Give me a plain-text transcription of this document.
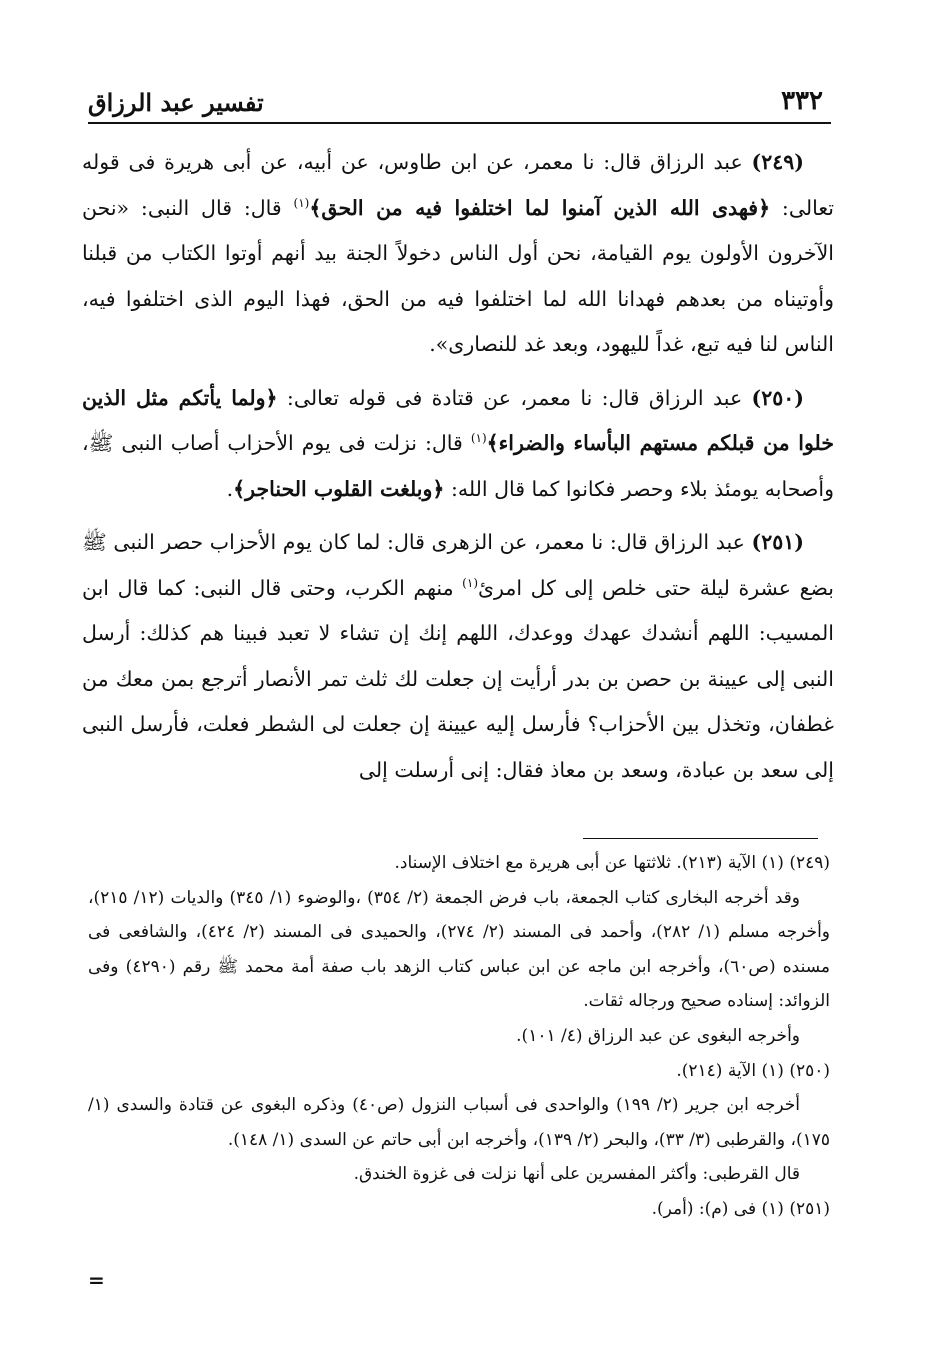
تفسير عبد الرزاق	٣٣٢

(٢٤٩) عبد الرزاق قال: نا معمر، عن ابن طاوس، عن أبيه، عن أبى هريرة فى قوله تعالى: ﴿فهدى الله الذين آمنوا لما اختلفوا فيه من الحق﴾$^{(١)}$ قال: قال النبى: «نحن الآخرون الأولون يوم القيامة، نحن أول الناس دخولاً الجنة بيد أنهم أوتوا الكتاب من قبلنا وأوتيناه من بعدهم فهدانا الله لما اختلفوا فيه من الحق، فهذا اليوم الذى اختلفوا فيه، الناس لنا فيه تبع، غداً لليهود، وبعد غد للنصارى».

(٢٥٠) عبد الرزاق قال: نا معمر، عن قتادة فى قوله تعالى: ﴿ولما يأتكم مثل الذين خلوا من قبلكم مستهم البأساء والضراء﴾$^{(١)}$ قال: نزلت فى يوم الأحزاب أصاب النبى ﷺ، وأصحابه يومئذ بلاء وحصر فكانوا كما قال الله: ﴿وبلغت القلوب الحناجر﴾.

(٢٥١) عبد الرزاق قال: نا معمر، عن الزهرى قال: لما كان يوم الأحزاب حصر النبى ﷺ بضع عشرة ليلة حتى خلص إلى كل امرئ$^{(١)}$ منهم الكرب، وحتى قال النبى: كما قال ابن المسيب: اللهم أنشدك عهدك ووعدك، اللهم إنك إن تشاء لا تعبد فبينا هم كذلك: أرسل النبى إلى عيينة بن حصن بن بدر أرأيت إن جعلت لك ثلث تمر الأنصار أترجع بمن معك من غطفان، وتخذل بين الأحزاب؟ فأرسل إليه عيينة إن جعلت لى الشطر فعلت، فأرسل النبى إلى سعد بن عبادة، وسعد بن معاذ فقال: إنى أرسلت إلى

(٢٤٩) (١) الآية (٢١٣). ثلاثتها عن أبى هريرة مع اختلاف الإسناد.

وقد أخرجه البخارى كتاب الجمعة، باب فرض الجمعة (٢/ ٣٥٤) ،والوضوء (١/ ٣٤٥) والديات (١٢/ ٢١٥)، وأخرجه مسلم (١/ ٢٨٢)، وأحمد فى المسند (٢/ ٢٧٤)، والحميدى فى المسند (٢/ ٤٢٤)، والشافعى فى مسنده (ص٦٠)، وأخرجه ابن ماجه عن ابن عباس كتاب الزهد باب صفة أمة محمد ﷺ رقم (٤٢٩٠) وفى الزوائد: إسناده صحيح ورجاله ثقات.

وأخرجه البغوى عن عبد الرزاق (٤/ ١٠١).

(٢٥٠) (١) الآية (٢١٤).

أخرجه ابن جرير (٢/ ١٩٩) والواحدى فى أسباب النزول (ص٤٠) وذكره البغوى عن قتادة والسدى (١/ ١٧٥)، والقرطبى (٣/ ٣٣)، والبحر (٢/ ١٣٩)، وأخرجه ابن أبى حاتم عن السدى (١/ ١٤٨).

قال القرطبى: وأكثر المفسرين على أنها نزلت فى غزوة الخندق.

(٢٥١) (١) فى (م): (أمر).

=
